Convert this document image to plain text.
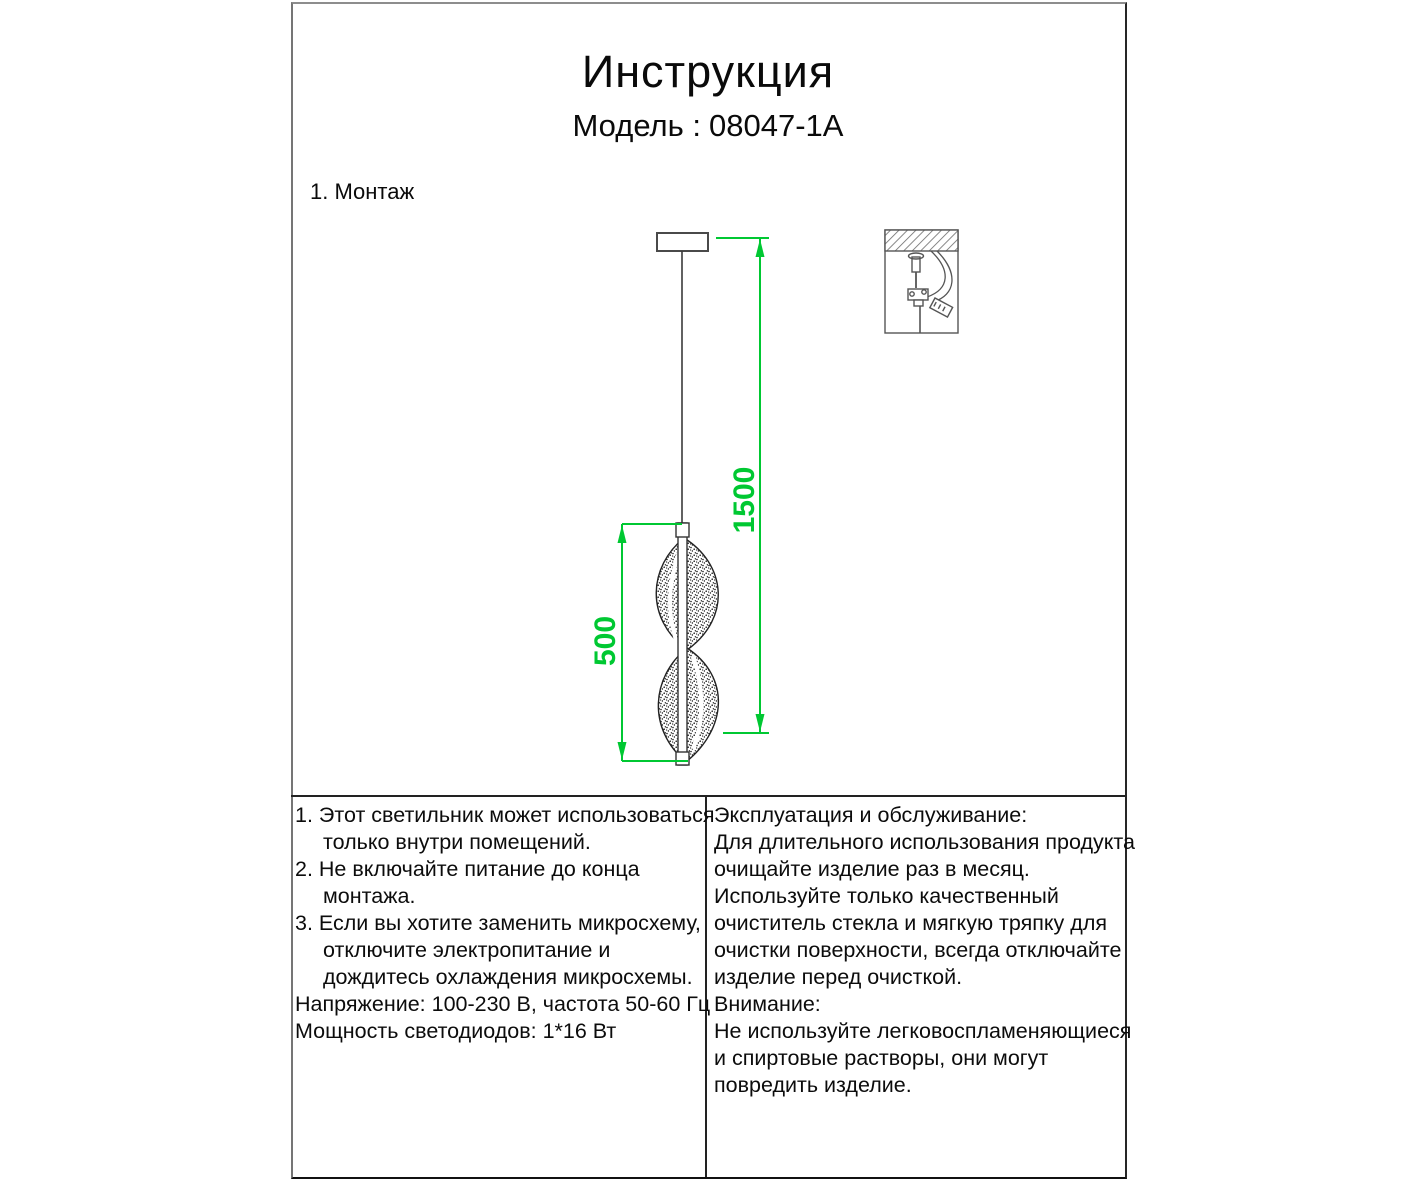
Инструкция
Модель : 08047-1A
1. Монтаж
1500
500
1. Этот светильник может использоваться
только внутри помещений.
2. Не включайте питание до конца
монтажа.
3. Если вы хотите заменить микросхему,
отключите электропитание и
дождитесь охлаждения микросхемы.
Напряжение: 100-230 В, частота 50-60 Гц
Мощность светодиодов: 1*16 Вт
Эксплуатация и обслуживание:
Для длительного использования продукта
очищайте изделие раз в месяц.
Используйте только качественный
очиститель стекла и мягкую тряпку для
очистки поверхности, всегда отключайте
изделие перед очисткой.
Внимание:
Не используйте легковоспламеняющиеся
и спиртовые растворы, они могут
повредить изделие.
